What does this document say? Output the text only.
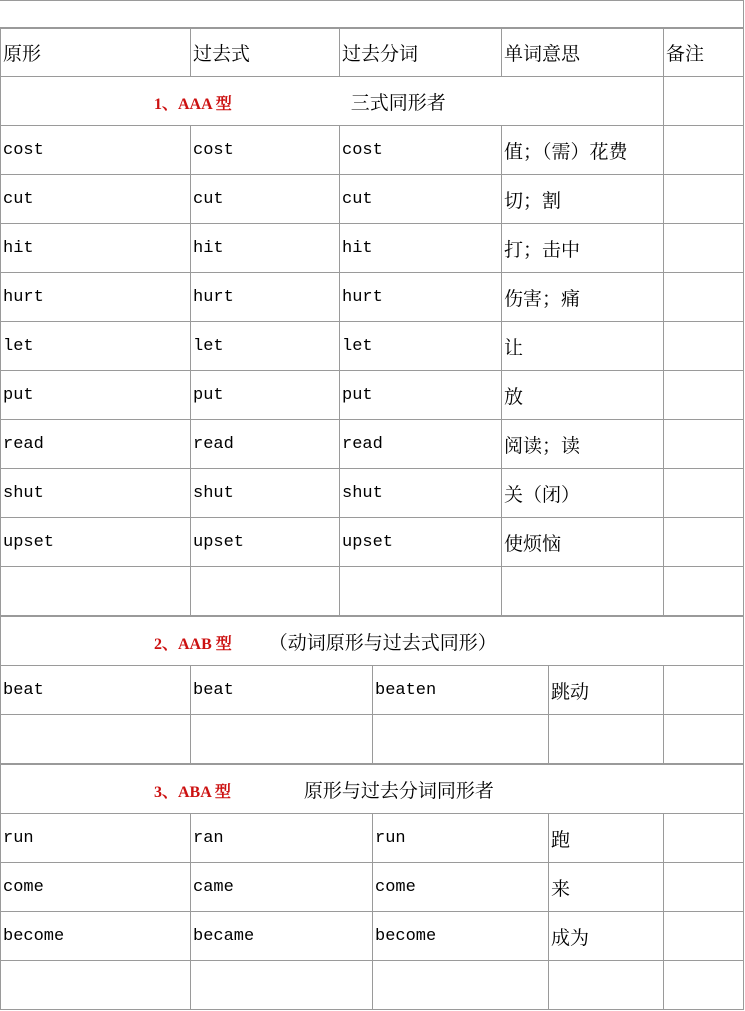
原形	过去式	过去分词	单词意思	备注
1、AAA 型 三式同形者				
cost	cost	cost	值；（需）花费	
cut	cut	cut	切；割	
hit	hit	hit	打；击中	
hurt	hurt	hurt	伤害；痛	
let	let	let	让	
put	put	put	放	
read	read	read	阅读；读	
shut	shut	shut	关（闭）	
upset	upset	upset	使烦恼	

2、AAB 型 （动词原形与过去式同形）				
beat	beat	beaten	跳动	

3、ABA 型 原形与过去分词同形者				
run	ran	run	跑	
come	came	come	来	
become	became	become	成为	
